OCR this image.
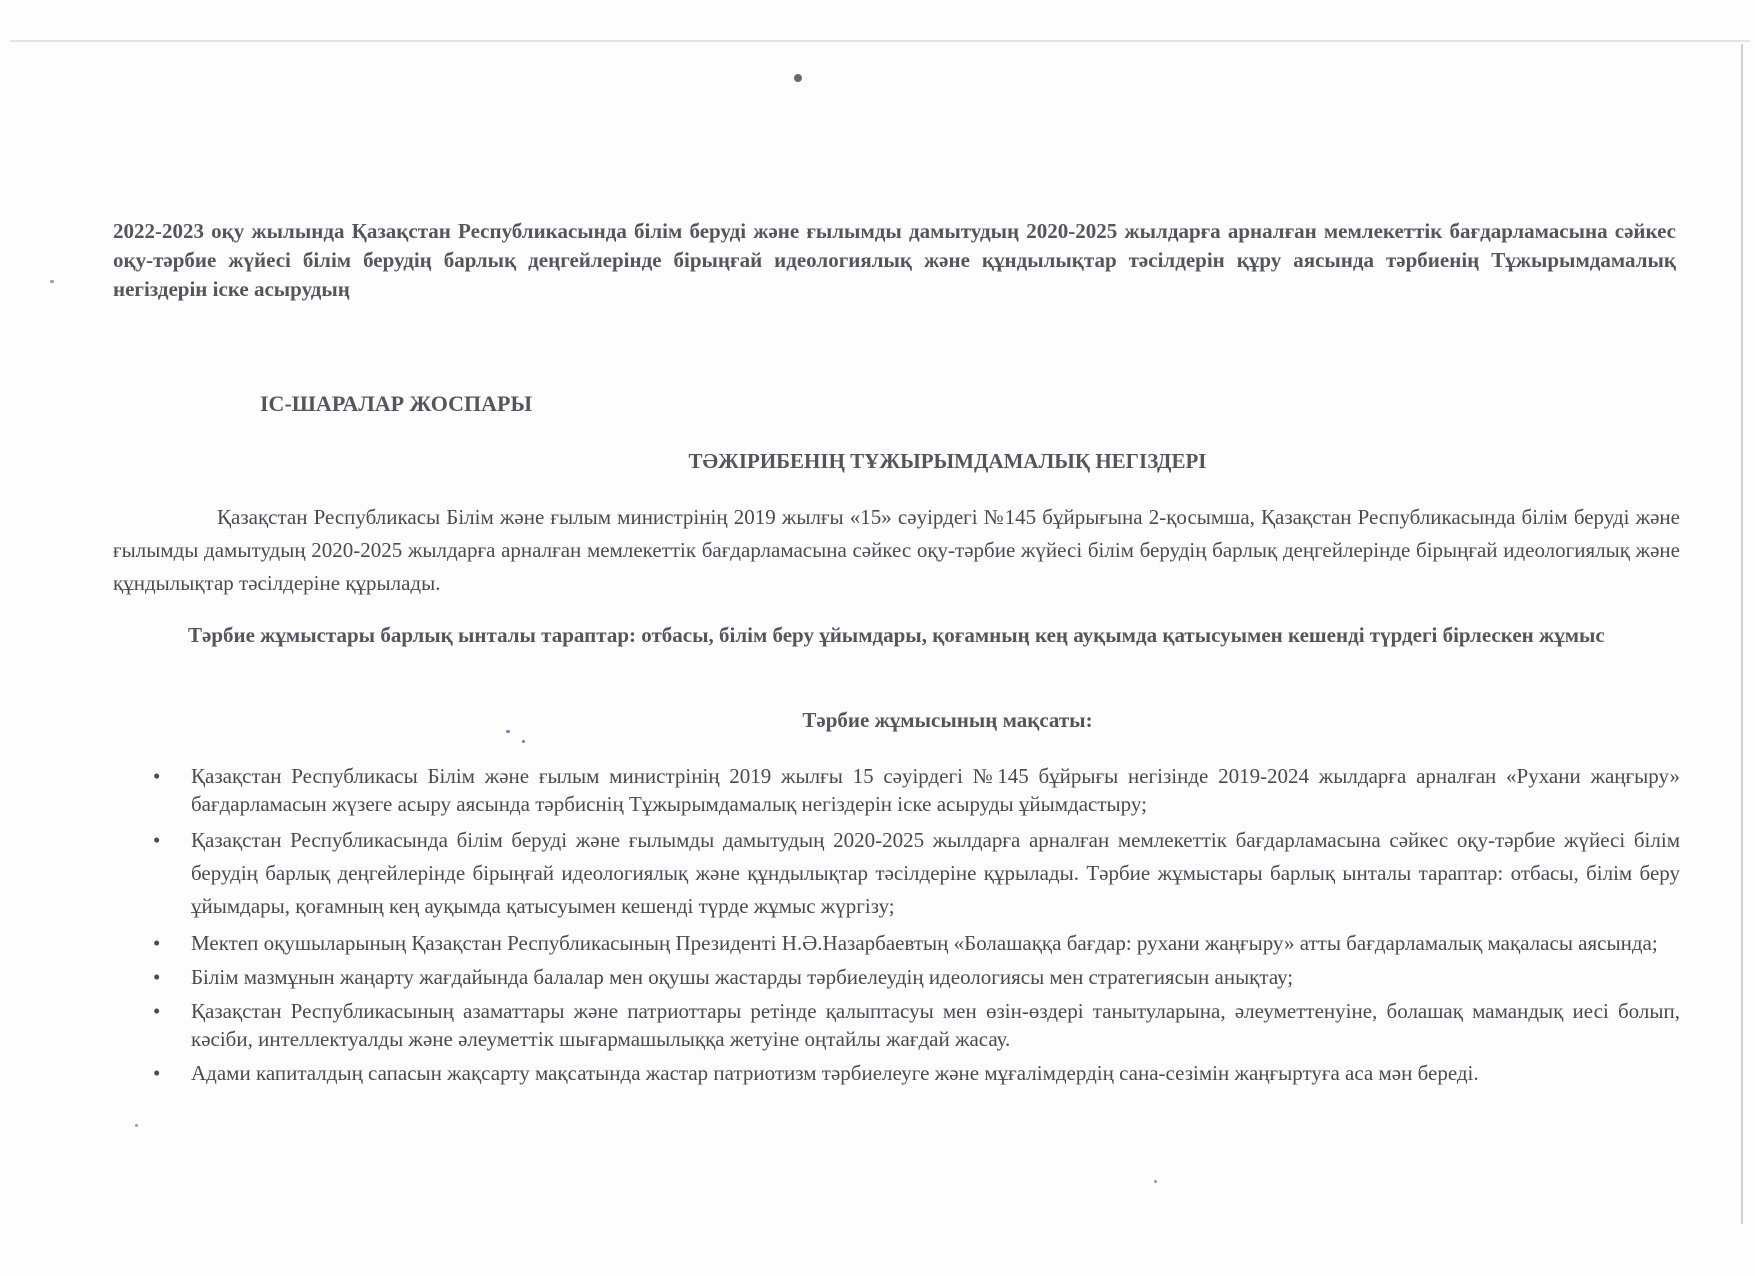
2022-2023 оқу жылында Қазақстан Республикасында білім беруді және ғылымды дамытудың 2020-2025 жылдарға арналған мемлекеттік бағдарламасына сәйкес оқу-тәрбие жүйесі білім берудің барлық деңгейлерінде бірыңғай идеологиялық және құндылықтар тәсілдерін құру аясында тәрбиенің Тұжырымдамалық негіздерін іске асырудың
ІС-ШАРАЛАР ЖОСПАРЫ
ТӘЖІРИБЕНІҢ ТҰЖЫРЫМДАМАЛЫҚ НЕГІЗДЕРІ

Қазақстан Республикасы Білім және ғылым министрінің 2019 жылғы «15» сәуірдегі №145 бұйрығына 2-қосымша, Қазақстан Республикасында білім беруді және ғылымды дамытудың 2020-2025 жылдарға арналған мемлекеттік бағдарламасына сәйкес оқу-тәрбие жүйесі білім берудің барлық деңгейлерінде бірыңғай идеологиялық және құндылықтар тәсілдеріне құрылады.

Тәрбие жұмыстары барлық ынталы тараптар: отбасы, білім беру ұйымдары, қоғамның кең ауқымда қатысуымен кешенді түрдегі бірлескен жұмыс

Тәрбие жұмысының мақсаты:
• Қазақстан Республикасы Білім және ғылым министрінің 2019 жылғы 15 сәуірдегі №145 бұйрығы негізінде 2019-2024 жылдарға арналған «Рухани жаңғыру» бағдарламасын жүзеге асыру аясында тәрбиснің Тұжырымдамалық негіздерін іске асыруды ұйымдастыру;
• Қазақстан Республикасында білім беруді және ғылымды дамытудың 2020-2025 жылдарға арналған мемлекеттік бағдарламасына сәйкес оқу-тәрбие жүйесі білім берудің барлық деңгейлерінде бірыңғай идеологиялық және құндылықтар тәсілдеріне құрылады. Тәрбие жұмыстары барлық ынталы тараптар: отбасы, білім беру ұйымдары, қоғамның кең ауқымда қатысуымен кешенді түрде жұмыс жүргізу;
• Мектеп оқушыларының Қазақстан Республикасының Президенті Н.Ә.Назарбаевтың «Болашаққа бағдар: рухани жаңғыру» атты бағдарламалық мақаласы аясында;
• Білім мазмұнын жаңарту жағдайында балалар мен оқушы жастарды тәрбиелеудің идеологиясы мен стратегиясын анықтау;
• Қазақстан Республикасының азаматтары және патриоттары ретінде қалыптасуы мен өзін-өздері танытуларына, әлеуметтенуіне, болашақ мамандық иесі болып, кәсіби, интеллектуалды және әлеуметтік шығармашылыққа жетуіне оңтайлы жағдай жасау.
• Адами капиталдың сапасын жақсарту мақсатында жастар патриотизм тәрбиелеуге және мұғалімдердің сана-сезімін жаңғыртуға аса мән береді.
